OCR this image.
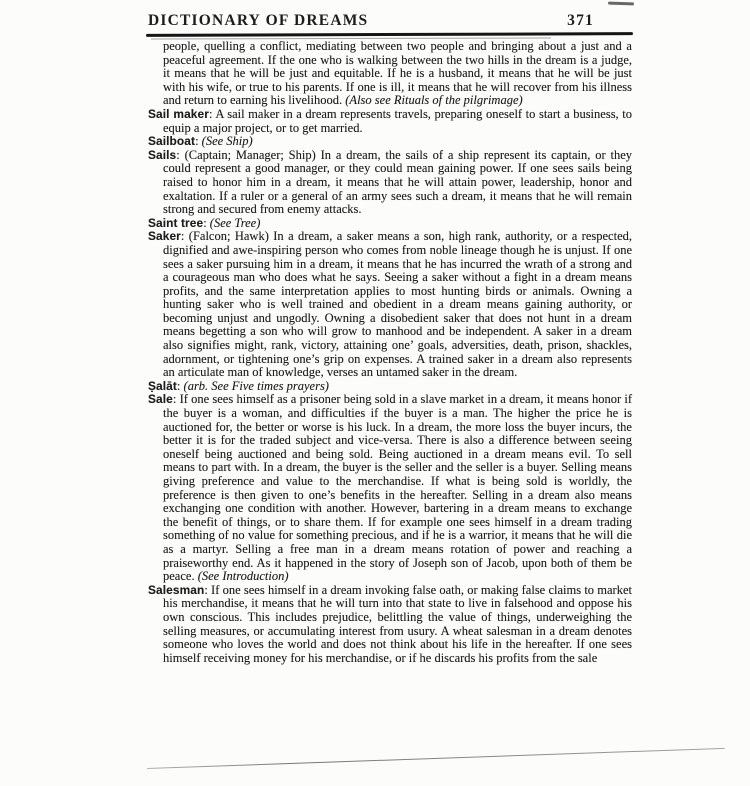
DICTIONARY OF DREAMS	371

people, quelling a conflict, mediating between two people and bringing about a just and a peaceful agreement. If the one who is walking between the two hills in the dream is a judge, it means that he will be just and equitable. If he is a husband, it means that he will be just with his wife, or true to his parents. If one is ill, it means that he will recover from his illness and return to earning his livelihood. (Also see Rituals of the pilgrimage)

Sail maker: A sail maker in a dream represents travels, preparing oneself to start a business, to equip a major project, or to get married.

Sailboat: (See Ship)

Sails: (Captain; Manager; Ship) In a dream, the sails of a ship represent its captain, or they could represent a good manager, or they could mean gaining power. If one sees sails being raised to honor him in a dream, it means that he will attain power, leadership, honor and exaltation. If a ruler or a general of an army sees such a dream, it means that he will remain strong and secured from enemy attacks.

Saint tree: (See Tree)

Saker: (Falcon; Hawk) In a dream, a saker means a son, high rank, authority, or a respected, dignified and awe-inspiring person who comes from noble lineage though he is unjust. If one sees a saker pursuing him in a dream, it means that he has incurred the wrath of a strong and a courageous man who does what he says. Seeing a saker without a fight in a dream means profits, and the same interpretation applies to most hunting birds or animals. Owning a hunting saker who is well trained and obedient in a dream means gaining authority, or becoming unjust and ungodly. Owning a disobedient saker that does not hunt in a dream means begetting a son who will grow to manhood and be independent. A saker in a dream also signifies might, rank, victory, attaining one’ goals, adversities, death, prison, shackles, adornment, or tightening one’s grip on expenses. A trained saker in a dream also represents an articulate man of knowledge, verses an untamed saker in the dream.

Ṣalāt: (arb. See Five times prayers)

Sale: If one sees himself as a prisoner being sold in a slave market in a dream, it means honor if the buyer is a woman, and difficulties if the buyer is a man. The higher the price he is auctioned for, the better or worse is his luck. In a dream, the more loss the buyer incurs, the better it is for the traded subject and vice-versa. There is also a difference between seeing oneself being auctioned and being sold. Being auctioned in a dream means evil. To sell means to part with. In a dream, the buyer is the seller and the seller is a buyer. Selling means giving preference and value to the merchandise. If what is being sold is worldly, the preference is then given to one’s benefits in the hereafter. Selling in a dream also means exchanging one condition with another. However, bartering in a dream means to exchange the benefit of things, or to share them. If for example one sees himself in a dream trading something of no value for something precious, and if he is a warrior, it means that he will die as a martyr. Selling a free man in a dream means rotation of power and reaching a praiseworthy end. As it happened in the story of Joseph son of Jacob, upon both of them be peace. (See Introduction)

Salesman: If one sees himself in a dream invoking false oath, or making false claims to market his merchandise, it means that he will turn into that state to live in falsehood and oppose his own conscious. This includes prejudice, belittling the value of things, underweighing the selling measures, or accumulating interest from usury. A wheat salesman in a dream denotes someone who loves the world and does not think about his life in the hereafter. If one sees himself receiving money for his merchandise, or if he discards his profits from the sale
